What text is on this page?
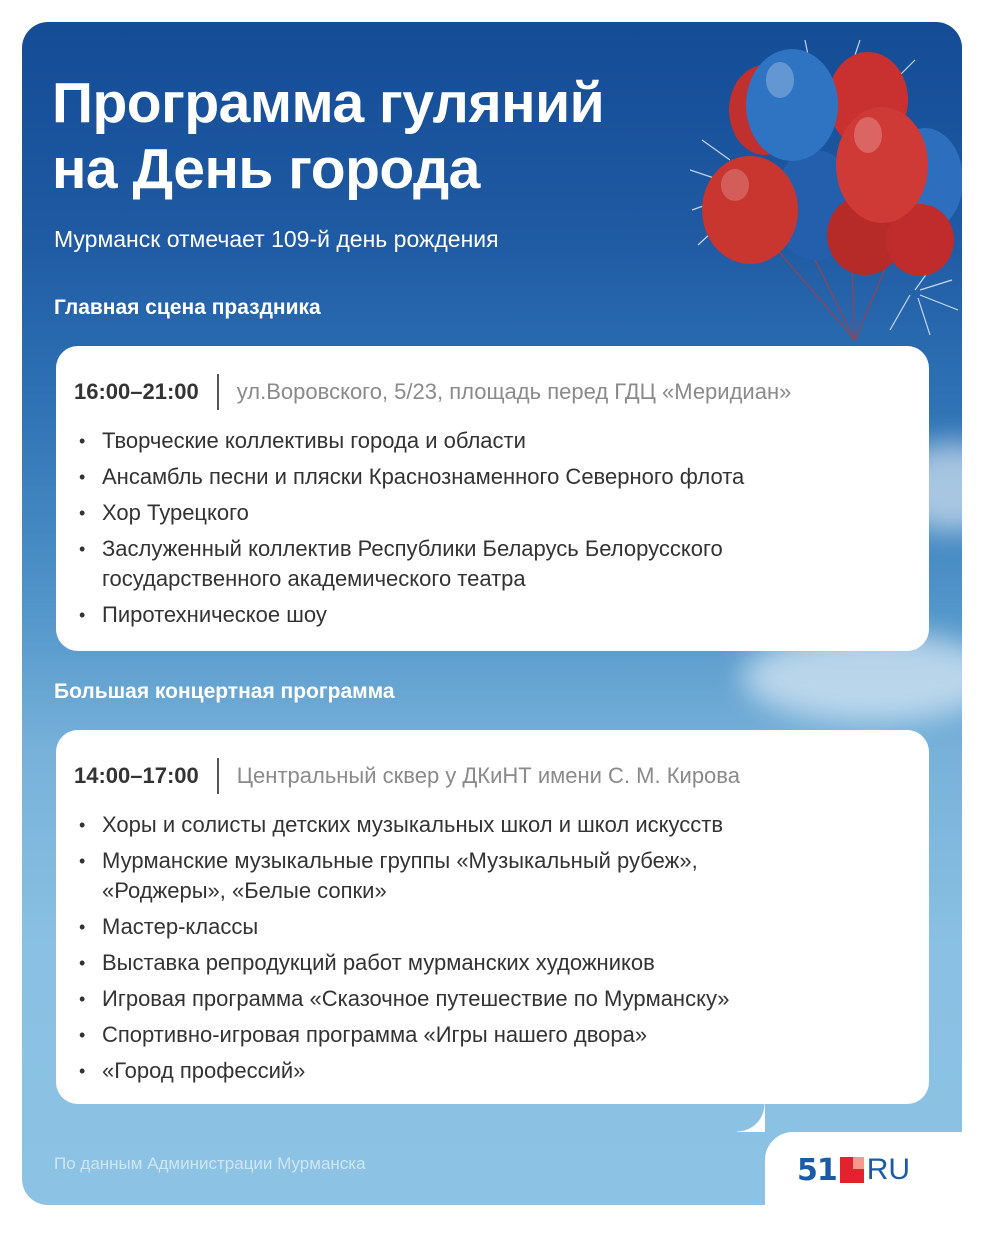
Программа гуляний
на День города
Мурманск отмечает 109-й день рождения
Главная сцена праздника
16:00–21:00 ул.Воровского, 5/23, площадь перед ГДЦ «Меридиан»
• Творческие коллективы города и области
• Ансамбль песни и пляски Краснознаменного Северного флота
• Хор Турецкого
• Заслуженный коллектив Республики Беларусь Белорусского государственного академического театра
• Пиротехническое шоу
Большая концертная программа
14:00–17:00 Центральный сквер у ДКиНТ имени С. М. Кирова
• Хоры и солисты детских музыкальных школ и школ искусств
• Мурманские музыкальные группы «Музыкальный рубеж», «Роджеры», «Белые сопки»
• Мастер-классы
• Выставка репродукций работ мурманских художников
• Игровая программа «Сказочное путешествие по Мурманску»
• Спортивно-игровая программа «Игры нашего двора»
• «Город профессий»
По данным Администрации Мурманска	51 RU
